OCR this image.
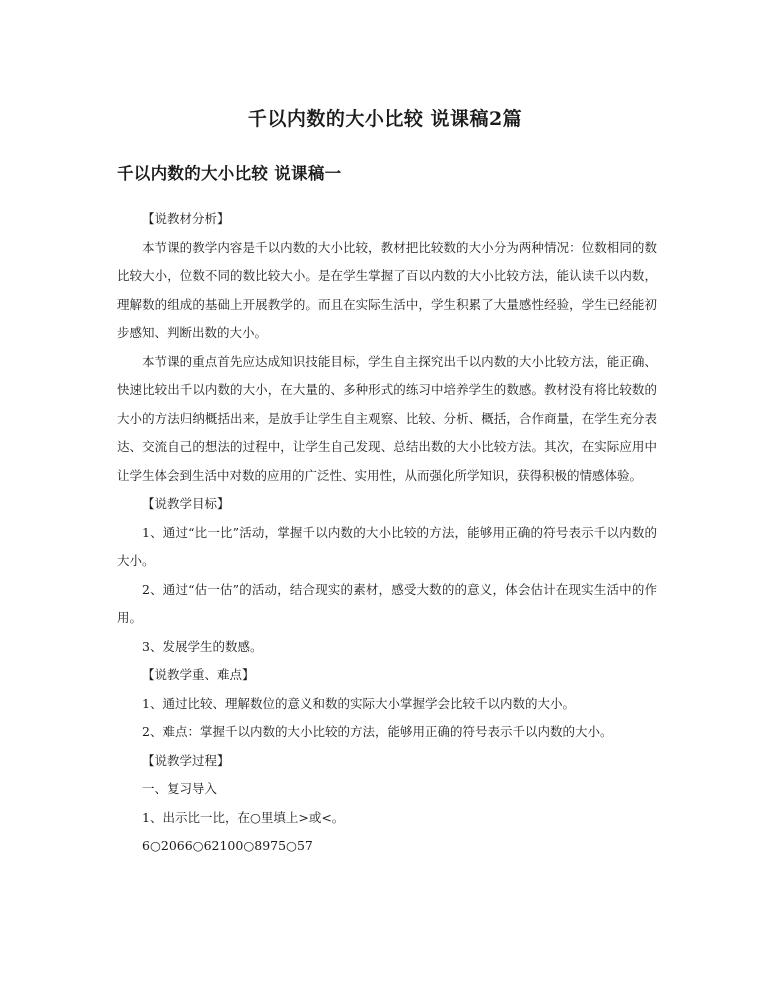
千以内数的大小比较 说课稿2篇
千以内数的大小比较 说课稿一

【说教材分析】

本节课的教学内容是千以内数的大小比较，教材把比较数的大小分为两种情况：位数相同的数比较大小，位数不同的数比较大小。是在学生掌握了百以内数的大小比较方法，能认读千以内数，理解数的组成的基础上开展教学的。而且在实际生活中，学生积累了大量感性经验，学生已经能初步感知、判断出数的大小。

本节课的重点首先应达成知识技能目标，学生自主探究出千以内数的大小比较方法，能正确、快速比较出千以内数的大小，在大量的、多种形式的练习中培养学生的数感。教材没有将比较数的大小的方法归纳概括出来，是放手让学生自主观察、比较、分析、概括，合作商量，在学生充分表达、交流自己的想法的过程中，让学生自己发现、总结出数的大小比较方法。其次，在实际应用中让学生体会到生活中对数的应用的广泛性、实用性，从而强化所学知识，获得积极的情感体验。

【说教学目标】

1、通过“比一比”活动，掌握千以内数的大小比较的方法，能够用正确的符号表示千以内数的大小。

2、通过“估一估”的活动，结合现实的素材，感受大数的的意义，体会估计在现实生活中的作用。

3、发展学生的数感。

【说教学重、难点】

1、通过比较、理解数位的意义和数的实际大小掌握学会比较千以内数的大小。

2、难点：掌握千以内数的大小比较的方法，能够用正确的符号表示千以内数的大小。

【说教学过程】

一、复习导入

1、出示比一比，在○里填上>或<。

6○2066○62100○8975○57
